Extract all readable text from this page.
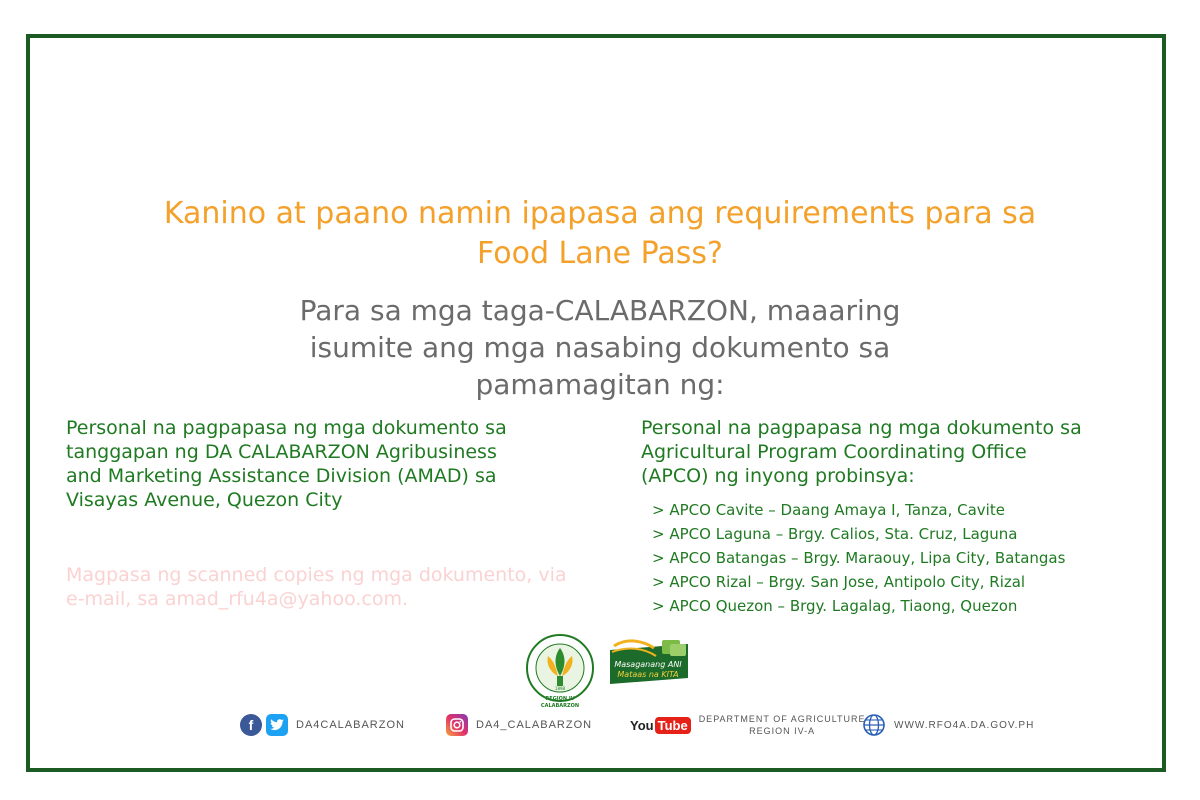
Kanino at paano namin ipapasa ang requirements para sa
Food Lane Pass?
Para sa mga taga-CALABARZON, maaaring
isumite ang mga nasabing dokumento sa
pamamagitan ng:
Personal na pagpapasa ng mga dokumento sa
tanggapan ng DA CALABARZON Agribusiness
and Marketing Assistance Division (AMAD) sa
Visayas Avenue, Quezon City
Magpasa ng scanned copies ng mga dokumento, via
e-mail, sa amad_rfu4a@yahoo.com.
Personal na pagpapasa ng mga dokumento sa
Agricultural Program Coordinating Office
(APCO) ng inyong probinsya:
> APCO Cavite – Daang Amaya I, Tanza, Cavite
> APCO Laguna – Brgy. Calios, Sta. Cruz, Laguna
> APCO Batangas – Brgy. Maraouy, Lipa City, Batangas
> APCO Rizal – Brgy. San Jose, Antipolo City, Rizal
> APCO Quezon – Brgy. Lagalag, Tiaong, Quezon
1898
REGION IV
CALABARZON
Masaganang ANI
Mataas na KITA
f	DA4CALABARZON	DA4_CALABARZON	You Tube	DEPARTMENT OF AGRICULTURE
REGION IV-A
WWW.RFO4A.DA.GOV.PH
